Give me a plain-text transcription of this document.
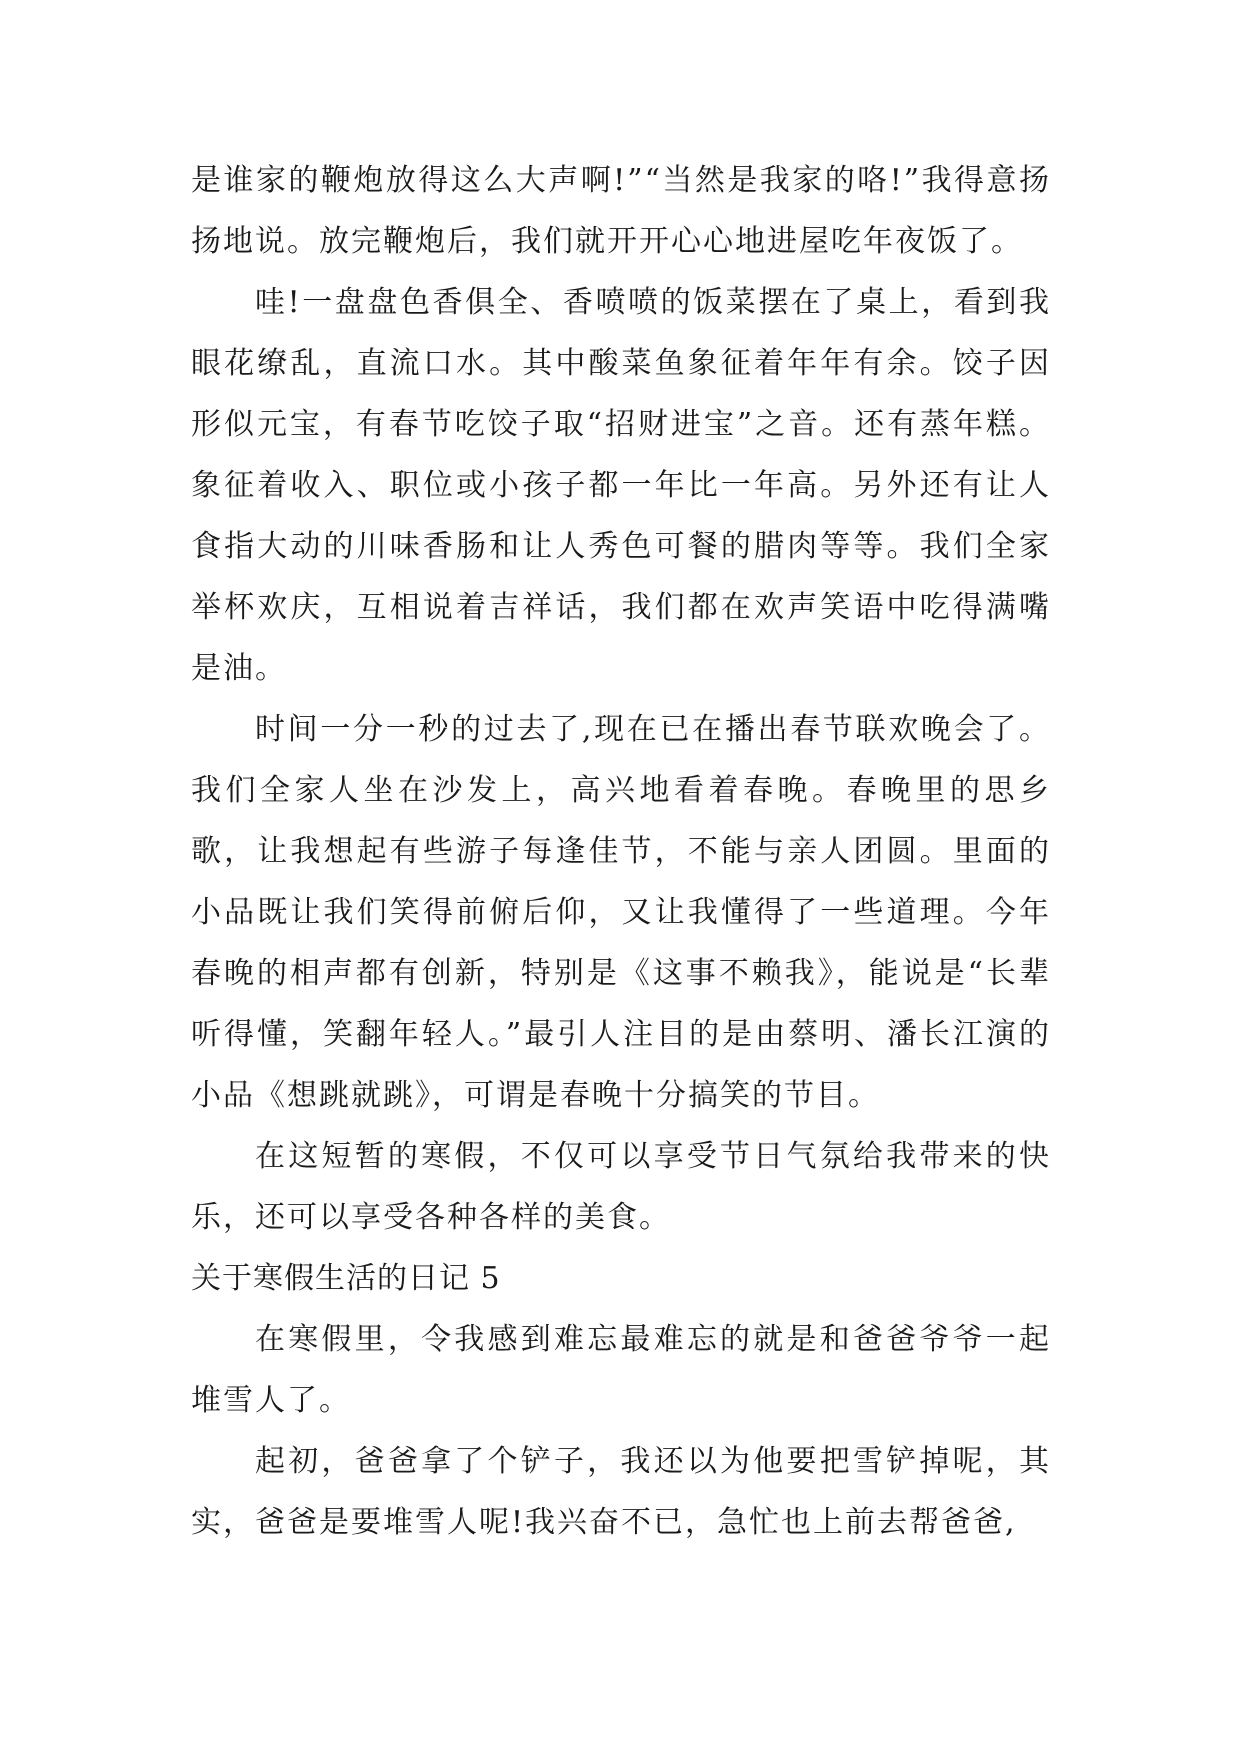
是谁家的鞭炮放得这么大声啊!”“当然是我家的咯!”我得意扬扬地说。放完鞭炮后，我们就开开心心地进屋吃年夜饭了。

哇!一盘盘色香俱全、香喷喷的饭菜摆在了桌上，看到我眼花缭乱，直流口水。其中酸菜鱼象征着年年有余。饺子因形似元宝，有春节吃饺子取“招财进宝”之音。还有蒸年糕。象征着收入、职位或小孩子都一年比一年高。另外还有让人食指大动的川味香肠和让人秀色可餐的腊肉等等。我们全家举杯欢庆，互相说着吉祥话，我们都在欢声笑语中吃得满嘴是油。

时间一分一秒的过去了,现在已在播出春节联欢晚会了。我们全家人坐在沙发上，高兴地看着春晚。春晚里的思乡歌，让我想起有些游子每逢佳节，不能与亲人团圆。里面的小品既让我们笑得前俯后仰，又让我懂得了一些道理。今年春晚的相声都有创新，特别是《这事不赖我》，能说是“长辈听得懂，笑翻年轻人。”最引人注目的是由蔡明、潘长江演的小品《想跳就跳》，可谓是春晚十分搞笑的节目。

在这短暂的寒假，不仅可以享受节日气氛给我带来的快乐，还可以享受各种各样的美食。

关于寒假生活的日记 5

在寒假里，令我感到难忘最难忘的就是和爸爸爷爷一起堆雪人了。

起初，爸爸拿了个铲子，我还以为他要把雪铲掉呢，其实，爸爸是要堆雪人呢!我兴奋不已，急忙也上前去帮爸爸,
